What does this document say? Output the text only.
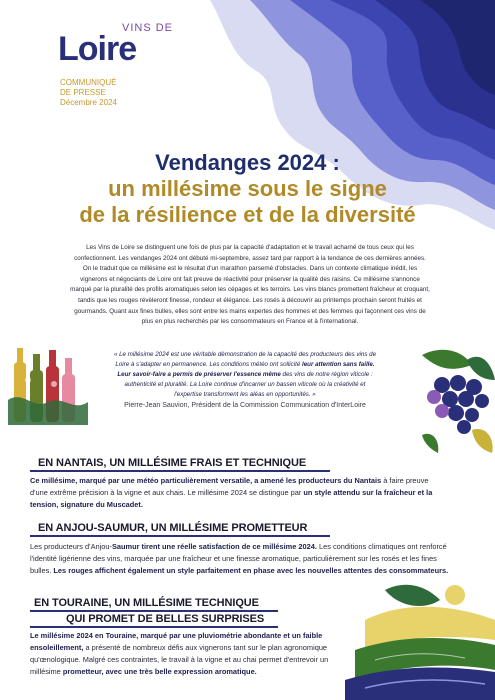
VINS DE
Loire
COMMUNIQUÉ
DE PRESSE
Décembre 2024
Vendanges 2024 :
un millésime sous le signe
de la résilience et de la diversité
Les Vins de Loire se distinguent une fois de plus par la capacité d'adaptation et le travail acharné de tous ceux qui les confectionnent. Les vendanges 2024 ont débuté mi-septembre, assez tard par rapport à la tendance de ces dernières années. On le traduit que ce millésime est le résultat d'un marathon parsemé d'obstacles. Dans un contexte climatique inédit, les vignerons et négociants de Loire ont fait preuve de réactivité pour préserver la qualité des raisins. Ce millésime s'annonce marqué par la pluralité des profils aromatiques selon les cépages et les terroirs. Les vins blancs promettent fraîcheur et croquant, tandis que les rouges révèleront finesse, rondeur et élégance. Les rosés à découvrir au printemps prochain seront fruités et gourmands. Quant aux fines bulles, elles sont entre les mains expertes des hommes et des femmes qui façonnent ces vins de plus en plus recherchés par les consommateurs en France et à l'international.
« Le millésime 2024 est une véritable démonstration de la capacité des producteurs des vins de Loire à s'adapter en permanence. Les conditions météo ont sollicité leur attention sans faille. Leur savoir-faire a permis de préserver l'essence même des vins de notre région viticole : authenticité et pluralité. La Loire continue d'incarner un bassen viticole où la créativité et l'expertise transforment les aléas en opportunités. »
Pierre-Jean Sauvion, Président de la Commission Communication d'InterLoire
EN NANTAIS, UN MILLÉSIME FRAIS ET TECHNIQUE
Ce millésime, marqué par une météo particulièrement versatile, a amené les producteurs du Nantais à faire preuve d'une extrême précision à la vigne et aux chais. Le millésime 2024 se distingue par un style attendu sur la fraîcheur et la tension, signature du Muscadet.
EN ANJOU-SAUMUR, UN MILLÉSIME PROMETTEUR
Les producteurs d'Anjou-Saumur tirent une réelle satisfaction de ce millésime 2024. Les conditions climatiques ont renforcé l'identité ligérienne des vins, marquée par une fraîcheur et une finesse aromatique, particulièrement sur les rosés et les fines bulles. Les rouges affichent également un style parfaitement en phase avec les nouvelles attentes des consommateurs.
EN TOURAINE, UN MILLÉSIME TECHNIQUE
QUI PROMET DE BELLES SURPRISES
Le millésime 2024 en Touraine, marqué par une pluviométrie abondante et un faible ensoleillement, a présenté de nombreux défis aux vignerons tant sur le plan agronomique qu'œnologique. Malgré ces contraintes, le travail à la vigne et au chai permet d'entrevoir un millésime prometteur, avec une très belle expression aromatique.
